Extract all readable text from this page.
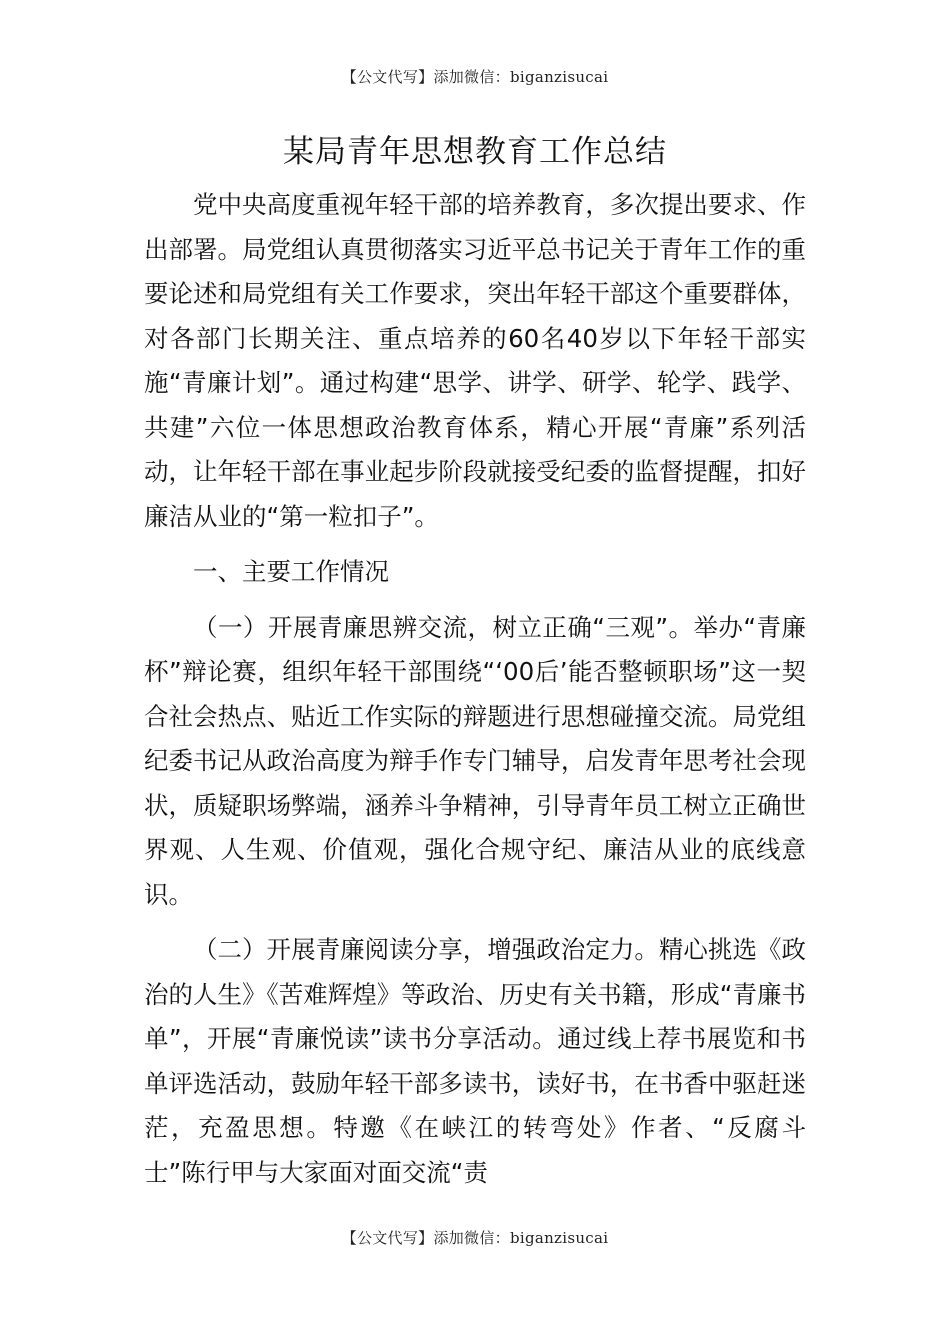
【公文代写】添加微信：biganzisucai
某局青年思想教育工作总结

党中央高度重视年轻干部的培养教育，多次提出要求、作出部署。局党组认真贯彻落实习近平总书记关于青年工作的重要论述和局党组有关工作要求，突出年轻干部这个重要群体，对各部门长期关注、重点培养的60名40岁以下年轻干部实施“青廉计划”。通过构建“思学、讲学、研学、轮学、践学、共建”六位一体思想政治教育体系，精心开展“青廉”系列活动，让年轻干部在事业起步阶段就接受纪委的监督提醒，扣好廉洁从业的“第一粒扣子”。

一、主要工作情况

（一）开展青廉思辨交流，树立正确“三观”。举办“青廉杯”辩论赛，组织年轻干部围绕“‘00后’能否整顿职场”这一契合社会热点、贴近工作实际的辩题进行思想碰撞交流。局党组纪委书记从政治高度为辩手作专门辅导，启发青年思考社会现状，质疑职场弊端，涵养斗争精神，引导青年员工树立正确世界观、人生观、价值观，强化合规守纪、廉洁从业的底线意识。

（二）开展青廉阅读分享，增强政治定力。精心挑选《政治的人生》《苦难辉煌》等政治、历史有关书籍，形成“青廉书单”，开展“青廉悦读”读书分享活动。通过线上荐书展览和书单评选活动，鼓励年轻干部多读书，读好书，在书香中驱赶迷茫，充盈思想。特邀《在峡江的转弯处》作者、“反腐斗士”陈行甲与大家面对面交流“责

【公文代写】添加微信：biganzisucai
